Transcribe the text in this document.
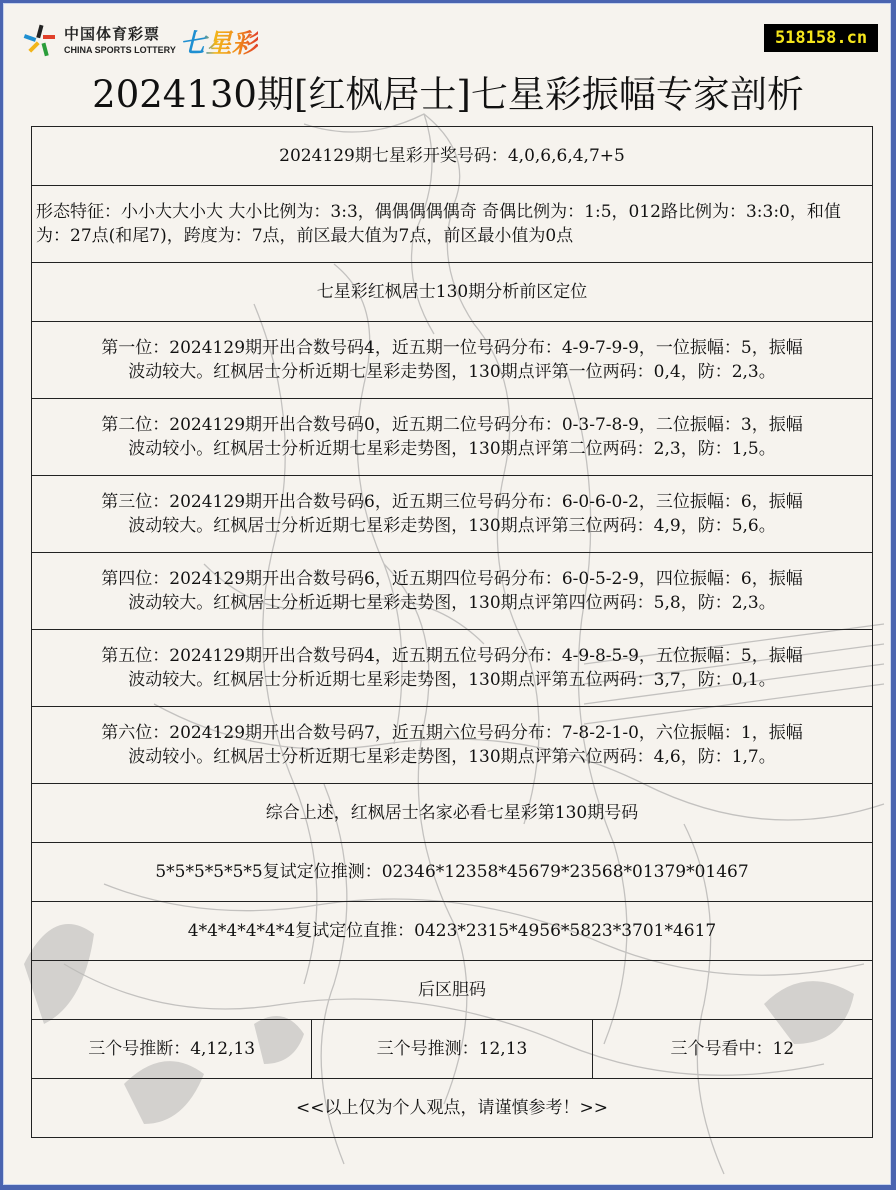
中国体育彩票
CHINA SPORTS LOTTERY 七星彩	518158.cn
2024130期[红枫居士]七星彩振幅专家剖析
2024129期七星彩开奖号码：4,0,6,6,4,7+5
形态特征：小小大大小大 大小比例为：3:3，偶偶偶偶偶奇 奇偶比例为：1:5，012路比例为：3:3:0，和值为：27点(和尾7)，跨度为：7点，前区最大值为7点，前区最小值为0点
七星彩红枫居士130期分析前区定位

第一位：2024129期开出合数号码4，近五期一位号码分布：4-9-7-9-9，一位振幅：5，振幅
波动较大。红枫居士分析近期七星彩走势图，130期点评第一位两码：0,4，防：2,3。

第二位：2024129期开出合数号码0，近五期二位号码分布：0-3-7-8-9，二位振幅：3，振幅
波动较小。红枫居士分析近期七星彩走势图，130期点评第二位两码：2,3，防：1,5。

第三位：2024129期开出合数号码6，近五期三位号码分布：6-0-6-0-2，三位振幅：6，振幅
波动较大。红枫居士分析近期七星彩走势图，130期点评第三位两码：4,9，防：5,6。

第四位：2024129期开出合数号码6，近五期四位号码分布：6-0-5-2-9，四位振幅：6，振幅
波动较大。红枫居士分析近期七星彩走势图，130期点评第四位两码：5,8，防：2,3。

第五位：2024129期开出合数号码4，近五期五位号码分布：4-9-8-5-9，五位振幅：5，振幅
波动较大。红枫居士分析近期七星彩走势图，130期点评第五位两码：3,7，防：0,1。

第六位：2024129期开出合数号码7，近五期六位号码分布：7-8-2-1-0，六位振幅：1，振幅
波动较小。红枫居士分析近期七星彩走势图，130期点评第六位两码：4,6，防：1,7。

综合上述，红枫居士名家必看七星彩第130期号码
5*5*5*5*5*5复试定位推测：02346*12358*45679*23568*01379*01467
4*4*4*4*4*4复试定位直推：0423*2315*4956*5823*3701*4617
后区胆码
三个号推断：4,12,13	三个号推测：12,13	三个号看中：12
<<以上仅为个人观点，请谨慎参考！>>
